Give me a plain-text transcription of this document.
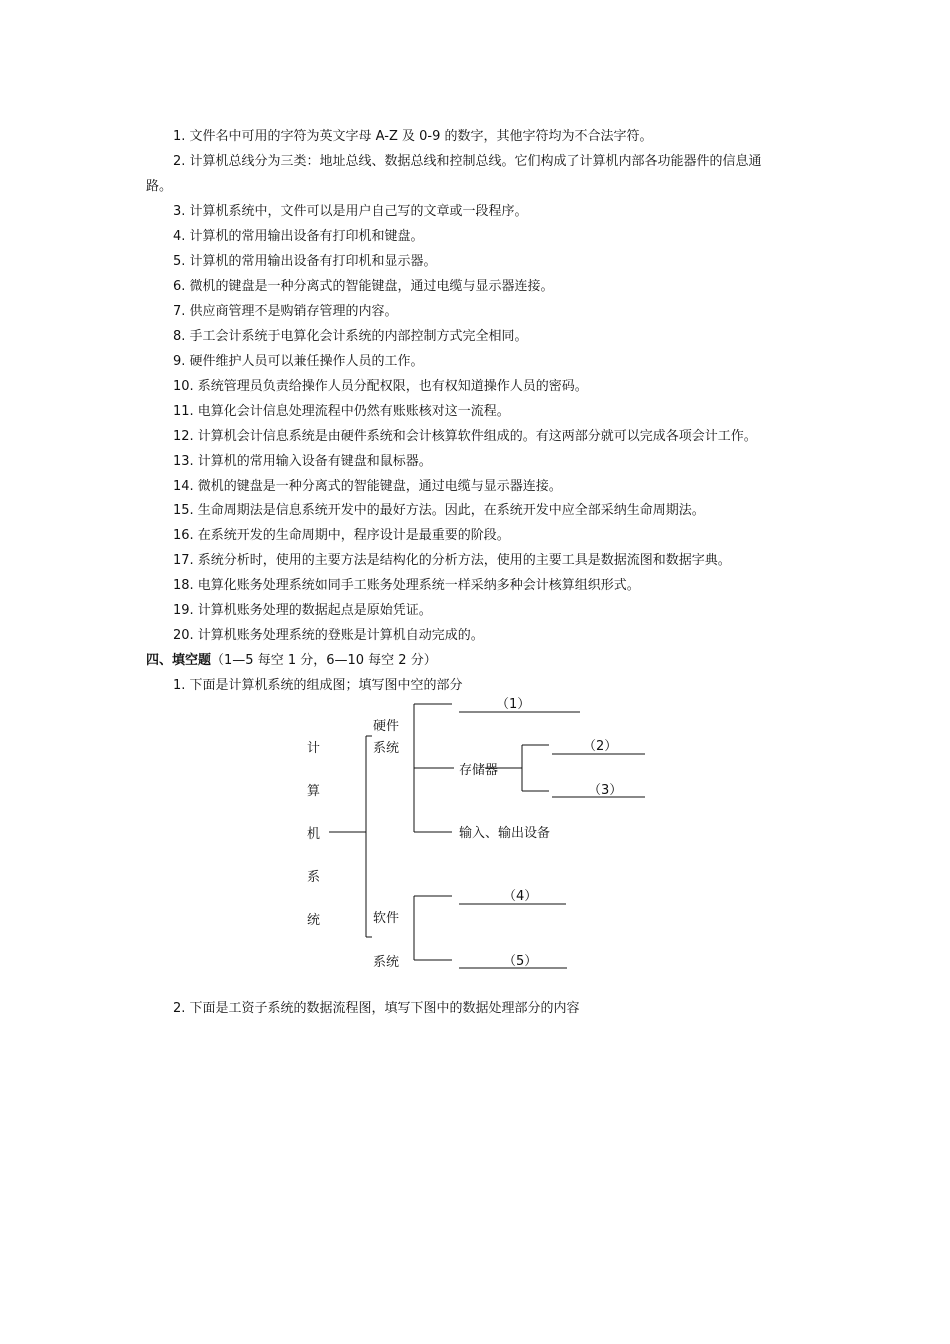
1. 文件名中可用的字符为英文字母 A-Z 及 0-9 的数字，其他字符均为不合法字符。
2. 计算机总线分为三类：地址总线、数据总线和控制总线。它们构成了计算机内部各功能器件的信息通
路。
3. 计算机系统中，文件可以是用户自己写的文章或一段程序。
4. 计算机的常用输出设备有打印机和键盘。
5. 计算机的常用输出设备有打印机和显示器。
6. 微机的键盘是一种分离式的智能键盘，通过电缆与显示器连接。
7. 供应商管理不是购销存管理的内容。
8. 手工会计系统于电算化会计系统的内部控制方式完全相同。
9. 硬件维护人员可以兼任操作人员的工作。
10. 系统管理员负责给操作人员分配权限，也有权知道操作人员的密码。
11. 电算化会计信息处理流程中仍然有账账核对这一流程。
12. 计算机会计信息系统是由硬件系统和会计核算软件组成的。有这两部分就可以完成各项会计工作。
13. 计算机的常用输入设备有键盘和鼠标器。
14. 微机的键盘是一种分离式的智能键盘，通过电缆与显示器连接。
15. 生命周期法是信息系统开发中的最好方法。因此，在系统开发中应全部采纳生命周期法。
16. 在系统开发的生命周期中，程序设计是最重要的阶段。
17. 系统分析时，使用的主要方法是结构化的分析方法，使用的主要工具是数据流图和数据字典。
18. 电算化账务处理系统如同手工账务处理系统一样采纳多种会计核算组织形式。
19. 计算机账务处理的数据起点是原始凭证。
20. 计算机账务处理系统的登账是计算机自动完成的。
四、填空题（1—5 每空 1 分，6—10 每空 2 分）
1. 下面是计算机系统的组成图；填写图中空的部分
计
算
机
系
统
硬件
系统
（1）
存储器
（2）
（3）
输入、输出设备
软件
系统
（4）
（5）
2. 下面是工资子系统的数据流程图，填写下图中的数据处理部分的内容
